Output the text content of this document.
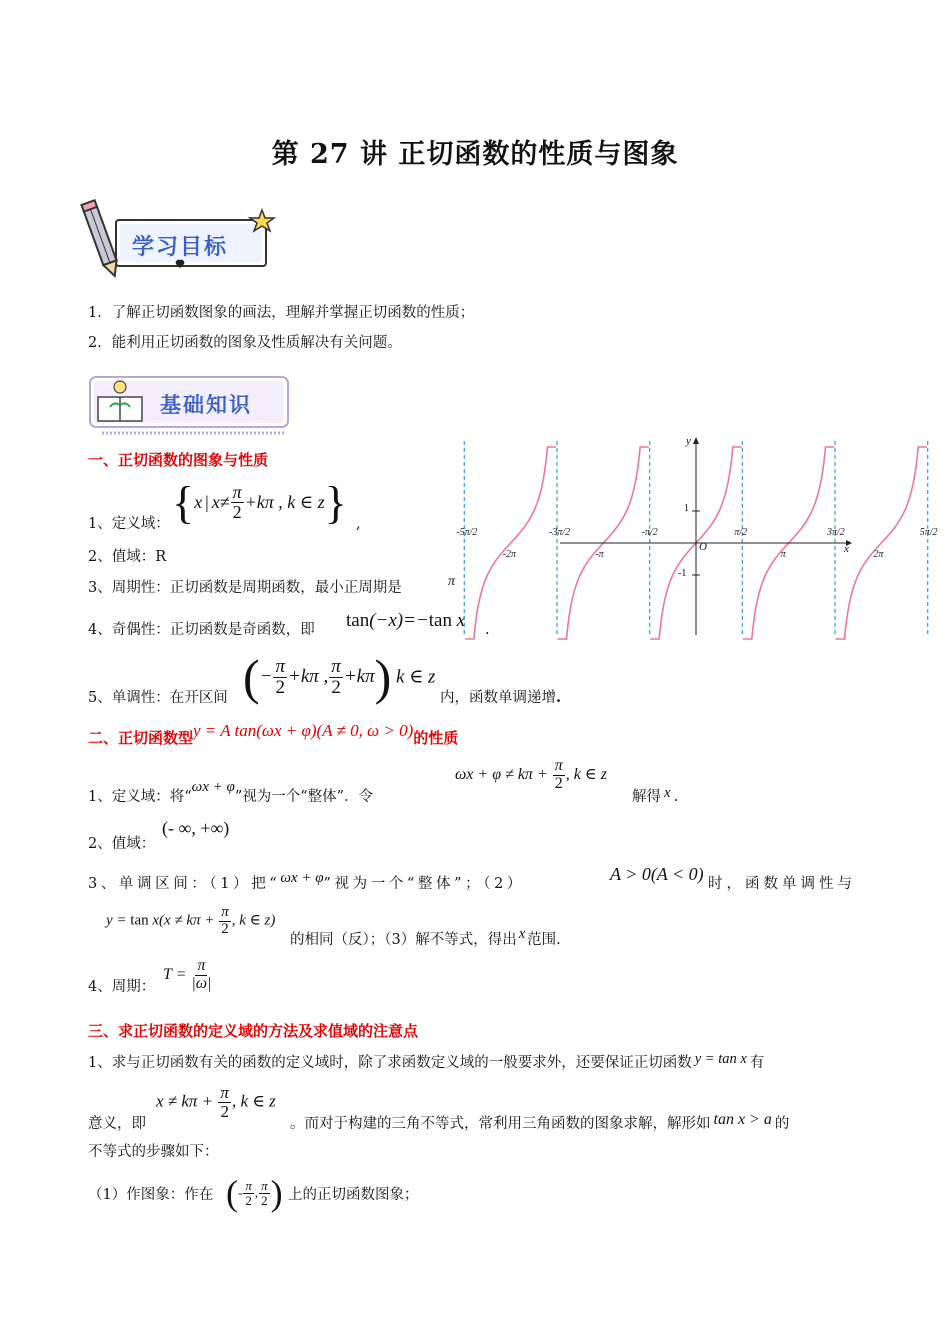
第 27 讲 正切函数的性质与图象
学习目标
1．了解正切函数图象的画法，理解并掌握正切函数的性质；
2．能利用正切函数的图象及性质解决有关问题。
基础知识
一、正切函数的图象与性质
1、定义域： {x | $x\ne \frac{\pi}{2} +k\pi$ , k ∈ z} ,
2、值域：R
3、周期性：正切函数是周期函数，最小正周期是	π
4、奇偶性：正切函数是奇函数，即 tan(−x)=−tan x .
5、单调性：在开区间 (− $\frac{\pi}{2} +k\pi$ , $\frac{\pi}{2} +k\pi$) k ∈ z
内，函数单调递增.
-5π/2	-3π/2	-π/2	π/2	3π/2	5π/2
-2π	-π	π	2π
y
x
O
1
-1
二、正切函数型y = A tan(ωx + φ)(A ≠ 0, ω > 0)的性质
1、定义域：将“ωx + φ”视为一个“整体”．令
$\omega x + \varphi \ne k\pi + \frac{\pi}{2}$ , k ∈ z
解得 x .
2、值域：
(- ∞, +∞)
3、单调区间：（1）把“ωx + φ”视为一个“整体”；（2）	A > 0(A < 0) 时，函数单调性与
$y = \tan x(x \ne k\pi + \frac{\pi}{2}$ , k ∈ z)
的相同（反）；（3）解不等式，得出 x 范围.
4、周期：
$T = \frac{\pi}{|\omega|}$
三、求正切函数的定义域的方法及求值域的注意点
1、求与正切函数有关的函数的定义域时，除了求函数定义域的一般要求外，还要保证正切函数 y = tan x 有
$x \ne k\pi + \frac{\pi}{2}$ , k ∈ z
意义，即	。而对于构建的三角不等式，常利用三角函数的图象求解，解形如 tan x > a 的
不等式的步骤如下：
（1）作图象：作在 (- $\frac{\pi}{2}$ , $\frac{\pi}{2}$ ) 上的正切函数图象；
